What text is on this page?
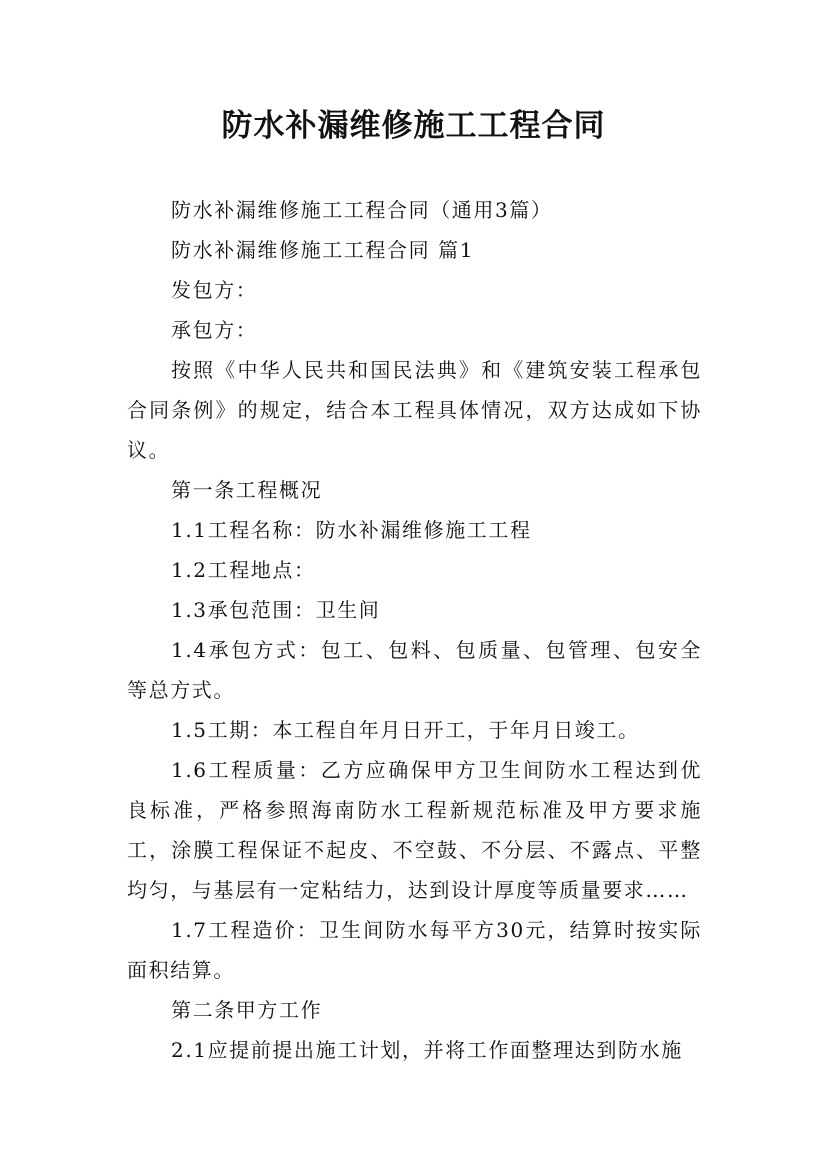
防水补漏维修施工工程合同

防水补漏维修施工工程合同（通用3篇）

防水补漏维修施工工程合同 篇1

发包方：

承包方：

按照《中华人民共和国民法典》和《建筑安装工程承包合同条例》的规定，结合本工程具体情况，双方达成如下协议。

第一条工程概况

1.1工程名称：防水补漏维修施工工程

1.2工程地点：

1.3承包范围：卫生间

1.4承包方式：包工、包料、包质量、包管理、包安全等总方式。

1.5工期：本工程自年月日开工，于年月日竣工。

1.6工程质量：乙方应确保甲方卫生间防水工程达到优良标准，严格参照海南防水工程新规范标准及甲方要求施工，涂膜工程保证不起皮、不空鼓、不分层、不露点、平整均匀，与基层有一定粘结力，达到设计厚度等质量要求……

1.7工程造价：卫生间防水每平方30元，结算时按实际面积结算。

第二条甲方工作

2.1应提前提出施工计划，并将工作面整理达到防水施
